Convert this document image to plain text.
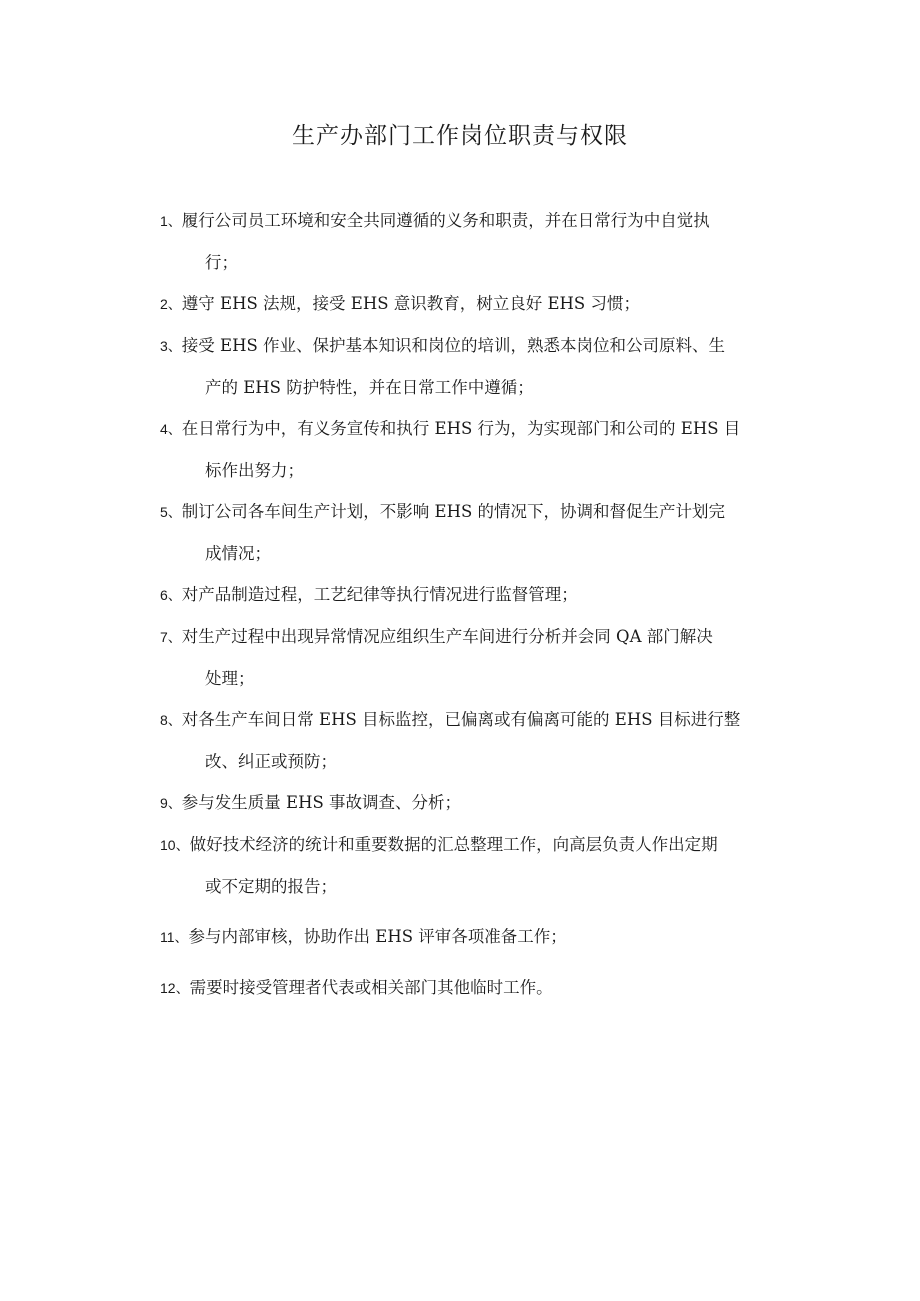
生产办部门工作岗位职责与权限
1、履行公司员工环境和安全共同遵循的义务和职责，并在日常行为中自觉执
行；
2、遵守 EHS 法规，接受 EHS 意识教育，树立良好 EHS 习惯；
3、接受 EHS 作业、保护基本知识和岗位的培训，熟悉本岗位和公司原料、生
产的 EHS 防护特性，并在日常工作中遵循；
4、在日常行为中，有义务宣传和执行 EHS 行为，为实现部门和公司的 EHS 目
标作出努力；
5、制订公司各车间生产计划，不影响 EHS 的情况下，协调和督促生产计划完
成情况；
6、对产品制造过程，工艺纪律等执行情况进行监督管理；
7、对生产过程中出现异常情况应组织生产车间进行分析并会同 QA 部门解决
处理；
8、对各生产车间日常 EHS 目标监控，已偏离或有偏离可能的 EHS 目标进行整
改、纠正或预防；
9、参与发生质量 EHS 事故调查、分析；
10、做好技术经济的统计和重要数据的汇总整理工作，向高层负责人作出定期
或不定期的报告；
11、参与内部审核，协助作出 EHS 评审各项准备工作；
12、需要时接受管理者代表或相关部门其他临时工作。
